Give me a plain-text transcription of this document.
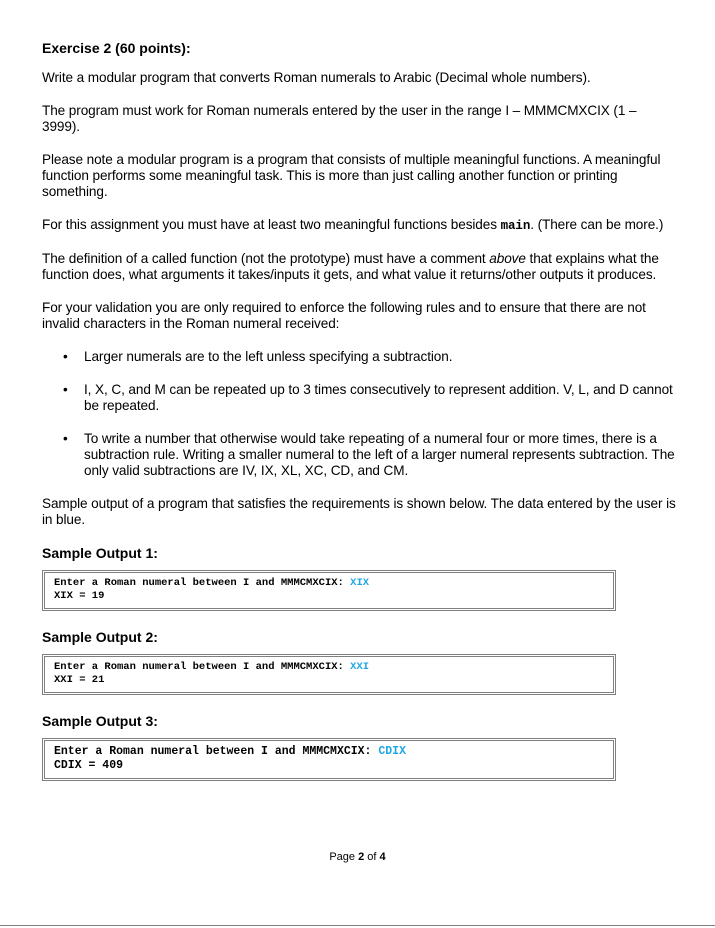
Exercise 2 (60 points):

Write a modular program that converts Roman numerals to Arabic (Decimal whole numbers).

The program must work for Roman numerals entered by the user in the range I – MMMCMXCIX (1 – 3999).

Please note a modular program is a program that consists of multiple meaningful functions. A meaningful function performs some meaningful task. This is more than just calling another function or printing something.

For this assignment you must have at least two meaningful functions besides main. (There can be more.)

The definition of a called function (not the prototype) must have a comment above that explains what the function does, what arguments it takes/inputs it gets, and what value it returns/other outputs it produces.

For your validation you are only required to enforce the following rules and to ensure that there are not invalid characters in the Roman numeral received:

• Larger numerals are to the left unless specifying a subtraction.
• I, X, C, and M can be repeated up to 3 times consecutively to represent addition. V, L, and D cannot be repeated.
• To write a number that otherwise would take repeating of a numeral four or more times, there is a subtraction rule. Writing a smaller numeral to the left of a larger numeral represents subtraction. The only valid subtractions are IV, IX, XL, XC, CD, and CM.

Sample output of a program that satisfies the requirements is shown below. The data entered by the user is in blue.

Sample Output 1:
Enter a Roman numeral between I and MMMCMXCIX: XIX
XIX = 19
Sample Output 2:
Enter a Roman numeral between I and MMMCMXCIX: XXI
XXI = 21
Sample Output 3:
Enter a Roman numeral between I and MMMCMXCIX: CDIX
CDIX = 409
Page 2 of 4
